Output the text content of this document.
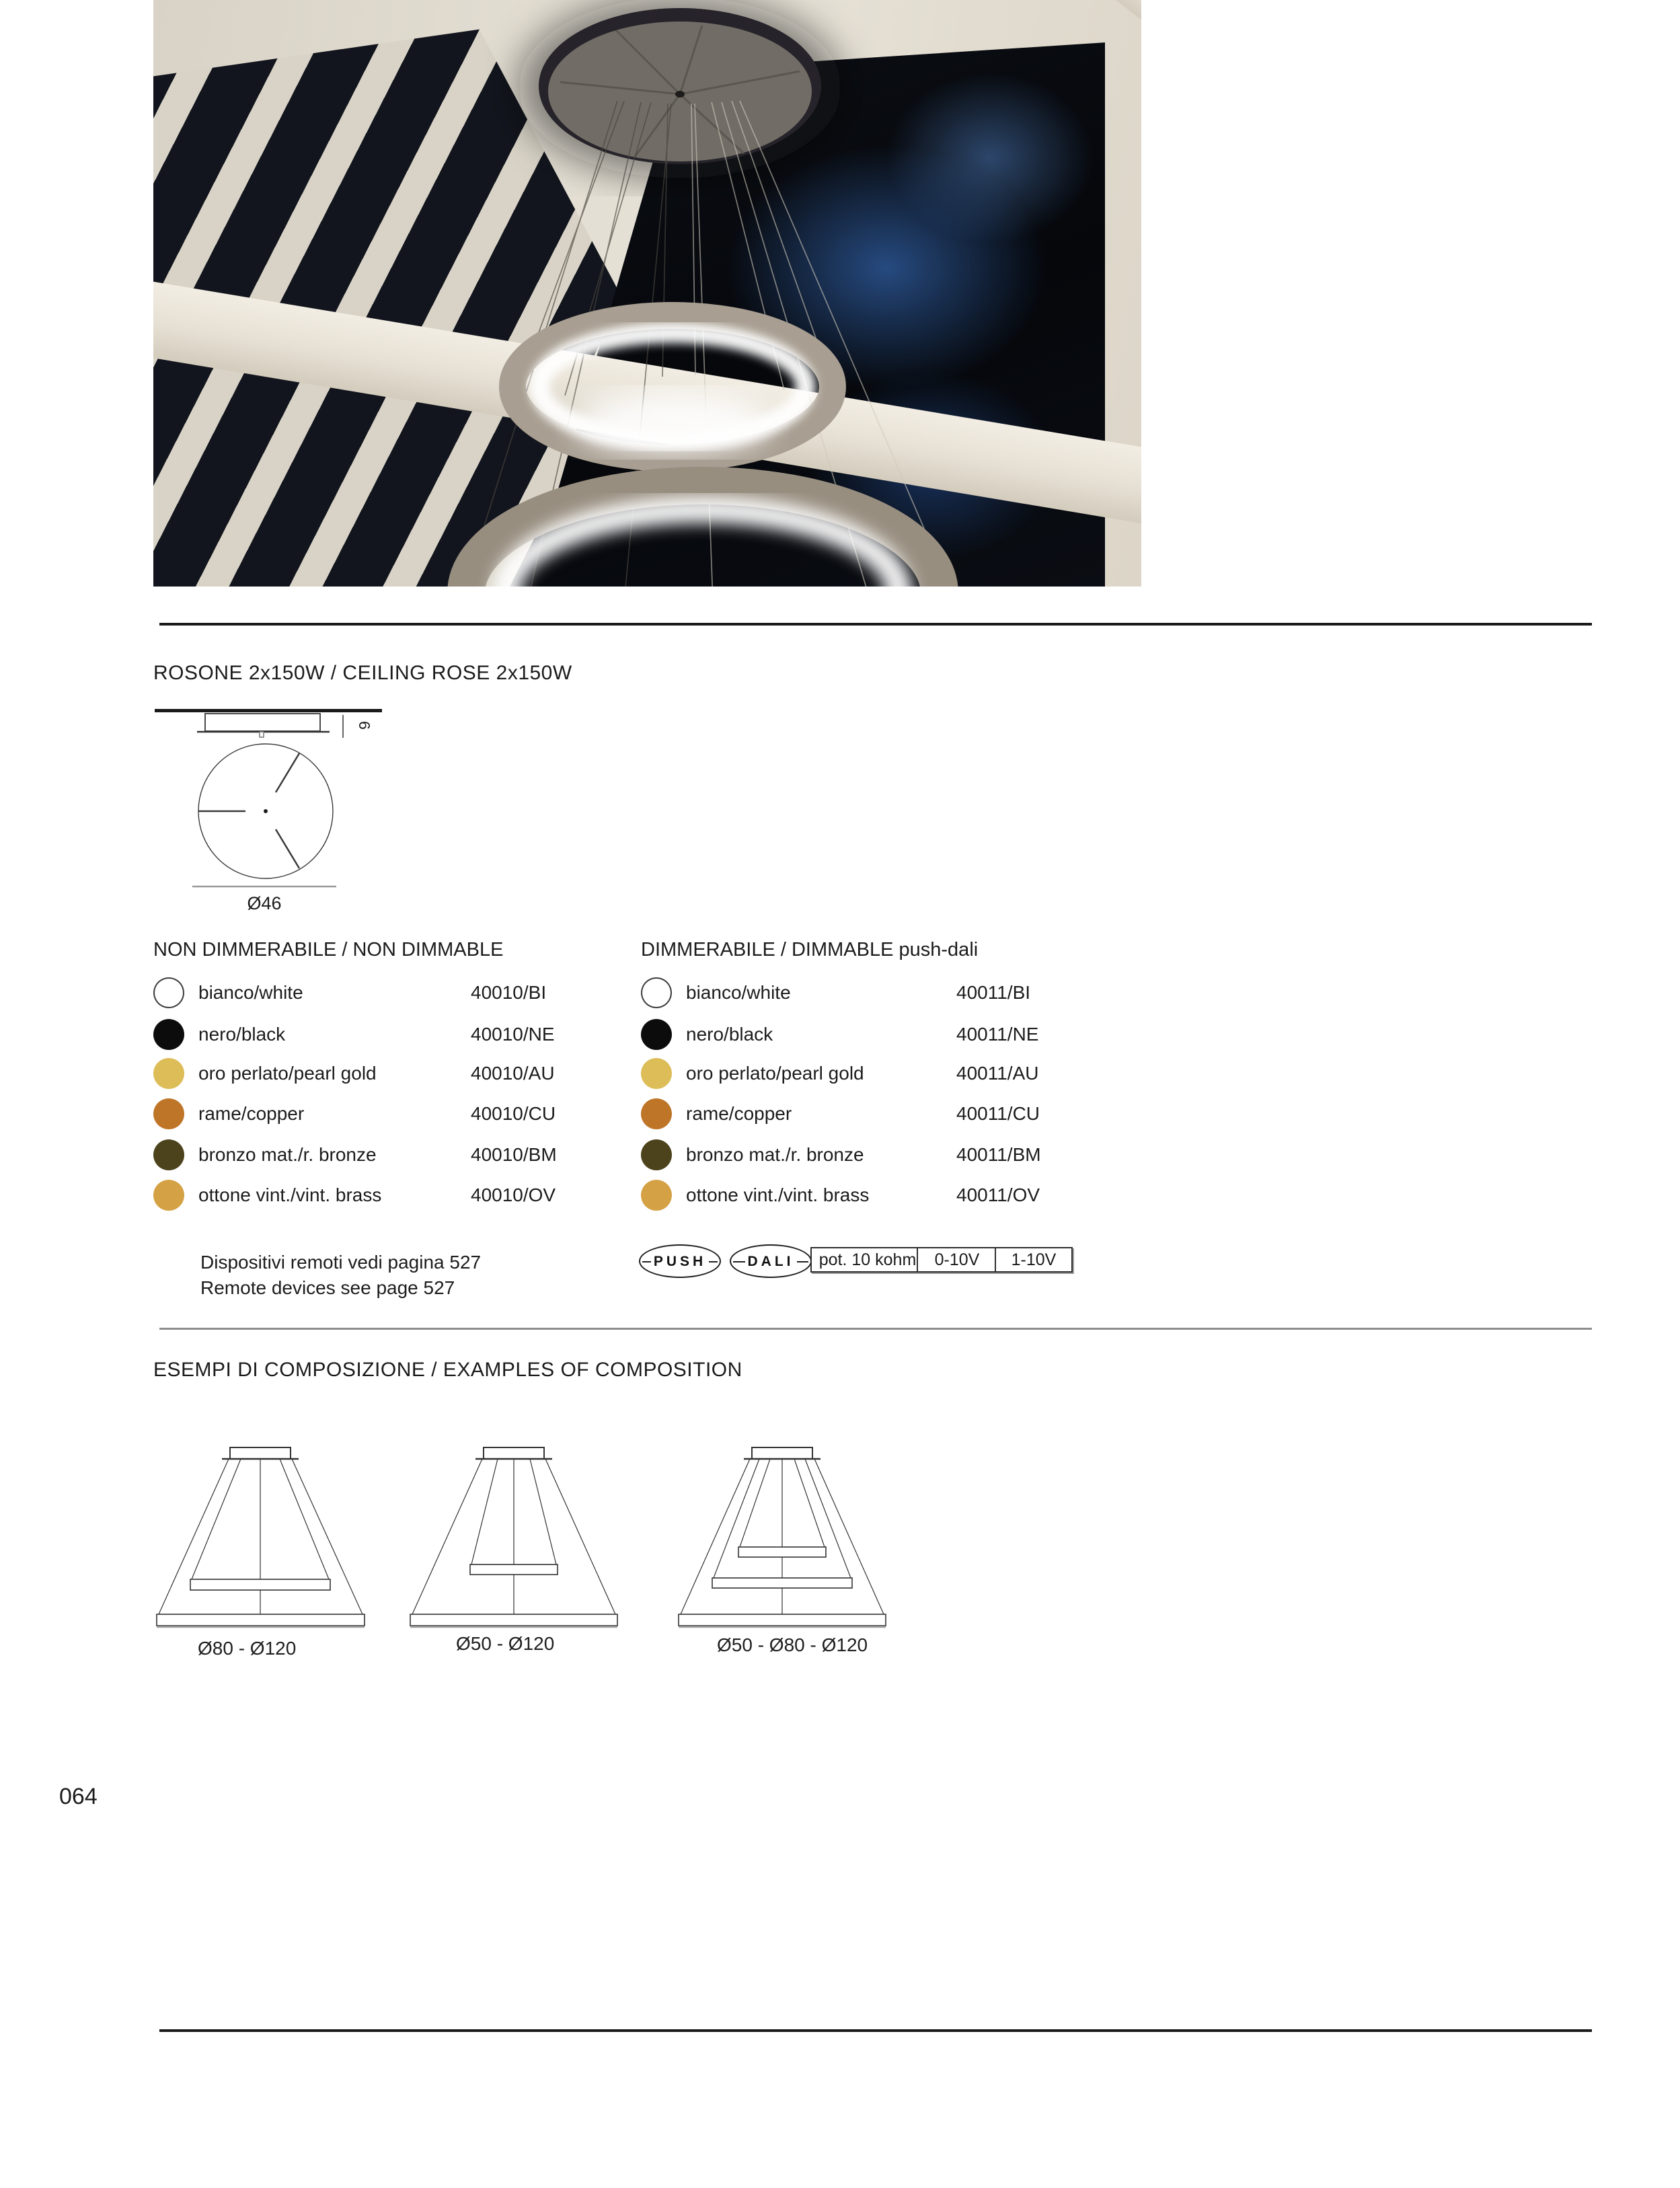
ROSONE 2x150W / CEILING ROSE 2x150W
6
Ø46
NON DIMMERABILE / NON DIMMABLE	DIMMERABILE / DIMMABLE push-dali
bianco/white	40010/BI
nero/black	40010/NE
oro perlato/pearl gold	40010/AU
rame/copper	40010/CU
bronzo mat./r. bronze	40010/BM
ottone vint./vint. brass	40010/OV
bianco/white	40011/BI
nero/black	40011/NE
oro perlato/pearl gold	40011/AU
rame/copper	40011/CU
bronzo mat./r. bronze	40011/BM
ottone vint./vint. brass	40011/OV
Dispositivi remoti vedi pagina 527
Remote devices see page 527
PUSH	DALI	pot. 10 kohm	0-10V	1-10V
ESEMPI DI COMPOSIZIONE / EXAMPLES OF COMPOSITION
Ø80 - Ø120	Ø50 - Ø120	Ø50 - Ø80 - Ø120
064
